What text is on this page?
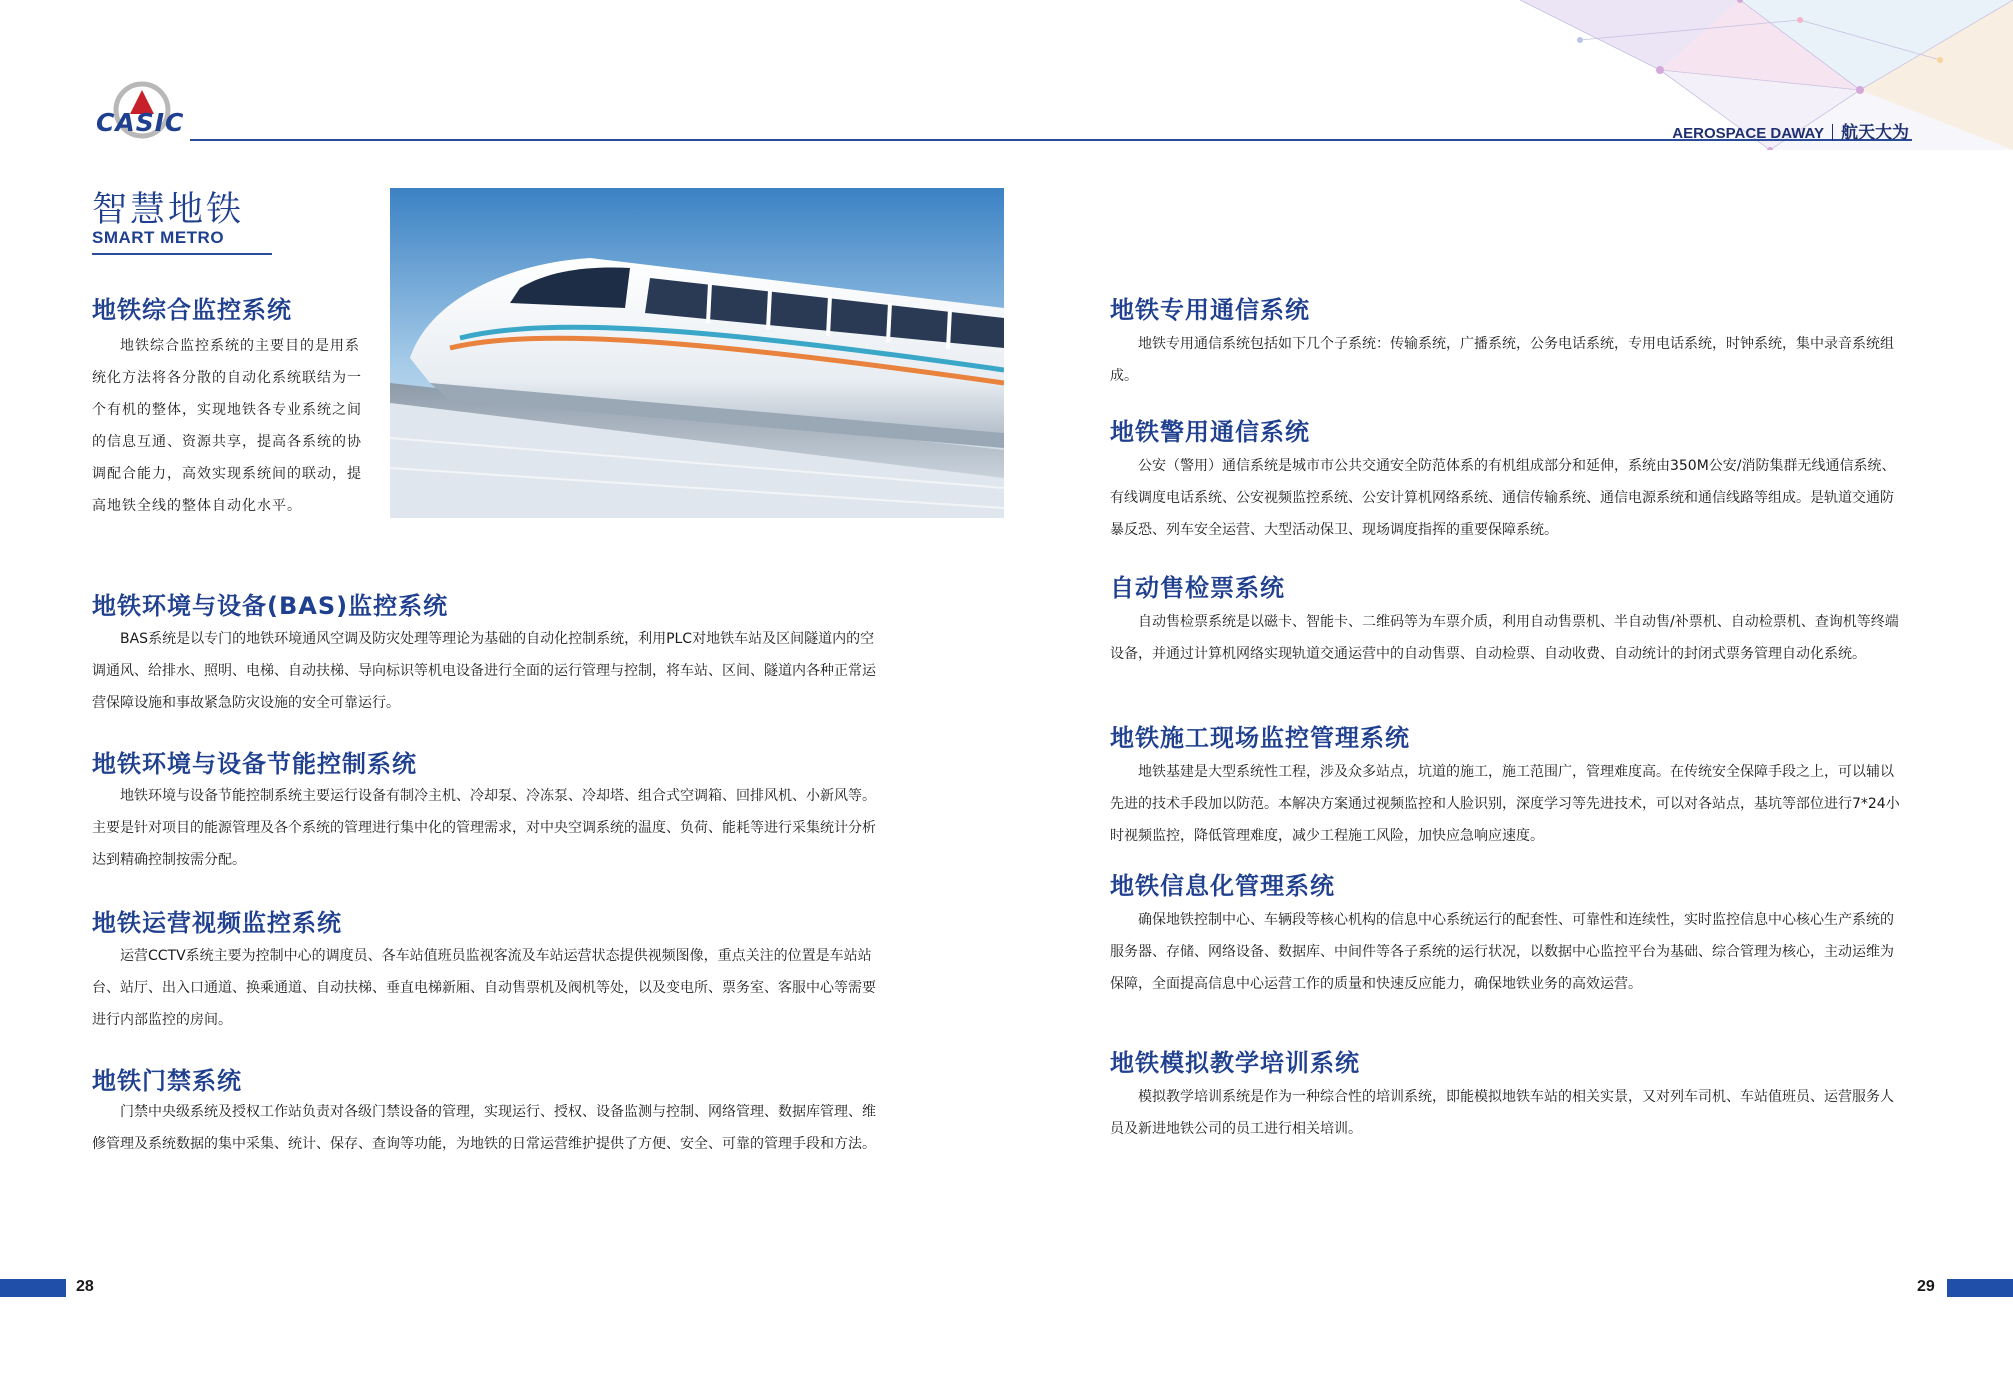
CASIC	AEROSPACE DAWAY 航天大为
智慧地铁
SMART METRO
地铁综合监控系统

地铁综合监控系统的主要目的是用系统化方法将各分散的自动化系统联结为一个有机的整体，实现地铁各专业系统之间的信息互通、资源共享，提高各系统的协调配合能力，高效实现系统间的联动，提高地铁全线的整体自动化水平。

地铁环境与设备(BAS)监控系统

BAS系统是以专门的地铁环境通风空调及防灾处理等理论为基础的自动化控制系统，利用PLC对地铁车站及区间隧道内的空调通风、给排水、照明、电梯、自动扶梯、导向标识等机电设备进行全面的运行管理与控制，将车站、区间、隧道内各种正常运营保障设施和事故紧急防灾设施的安全可靠运行。

地铁环境与设备节能控制系统

地铁环境与设备节能控制系统主要运行设备有制冷主机、冷却泵、冷冻泵、冷却塔、组合式空调箱、回排风机、小新风等。主要是针对项目的能源管理及各个系统的管理进行集中化的管理需求，对中央空调系统的温度、负荷、能耗等进行采集统计分析达到精确控制按需分配。

地铁运营视频监控系统

运营CCTV系统主要为控制中心的调度员、各车站值班员监视客流及车站运营状态提供视频图像，重点关注的位置是车站站台、站厅、出入口通道、换乘通道、自动扶梯、垂直电梯新厢、自动售票机及阀机等处，以及变电所、票务室、客服中心等需要进行内部监控的房间。

地铁门禁系统

门禁中央级系统及授权工作站负责对各级门禁设备的管理，实现运行、授权、设备监测与控制、网络管理、数据库管理、维修管理及系统数据的集中采集、统计、保存、查询等功能，为地铁的日常运营维护提供了方便、安全、可靠的管理手段和方法。

地铁专用通信系统

地铁专用通信系统包括如下几个子系统：传输系统，广播系统，公务电话系统，专用电话系统，时钟系统，集中录音系统组成。

地铁警用通信系统

公安（警用）通信系统是城市市公共交通安全防范体系的有机组成部分和延伸，系统由350M公安/消防集群无线通信系统、有线调度电话系统、公安视频监控系统、公安计算机网络系统、通信传输系统、通信电源系统和通信线路等组成。是轨道交通防暴反恐、列车安全运营、大型活动保卫、现场调度指挥的重要保障系统。

自动售检票系统

自动售检票系统是以磁卡、智能卡、二维码等为车票介质，利用自动售票机、半自动售/补票机、自动检票机、查询机等终端设备，并通过计算机网络实现轨道交通运营中的自动售票、自动检票、自动收费、自动统计的封闭式票务管理自动化系统。

地铁施工现场监控管理系统

地铁基建是大型系统性工程，涉及众多站点，坑道的施工，施工范围广，管理难度高。在传统安全保障手段之上，可以辅以先进的技术手段加以防范。本解决方案通过视频监控和人脸识别，深度学习等先进技术，可以对各站点，基坑等部位进行7*24小时视频监控，降低管理难度，减少工程施工风险，加快应急响应速度。

地铁信息化管理系统

确保地铁控制中心、车辆段等核心机构的信息中心系统运行的配套性、可靠性和连续性，实时监控信息中心核心生产系统的服务器、存储、网络设备、数据库、中间件等各子系统的运行状况，以数据中心监控平台为基础、综合管理为核心，主动运维为保障，全面提高信息中心运营工作的质量和快速反应能力，确保地铁业务的高效运营。

地铁模拟教学培训系统

模拟教学培训系统是作为一种综合性的培训系统，即能模拟地铁车站的相关实景，又对列车司机、车站值班员、运营服务人员及新进地铁公司的员工进行相关培训。

28	29
